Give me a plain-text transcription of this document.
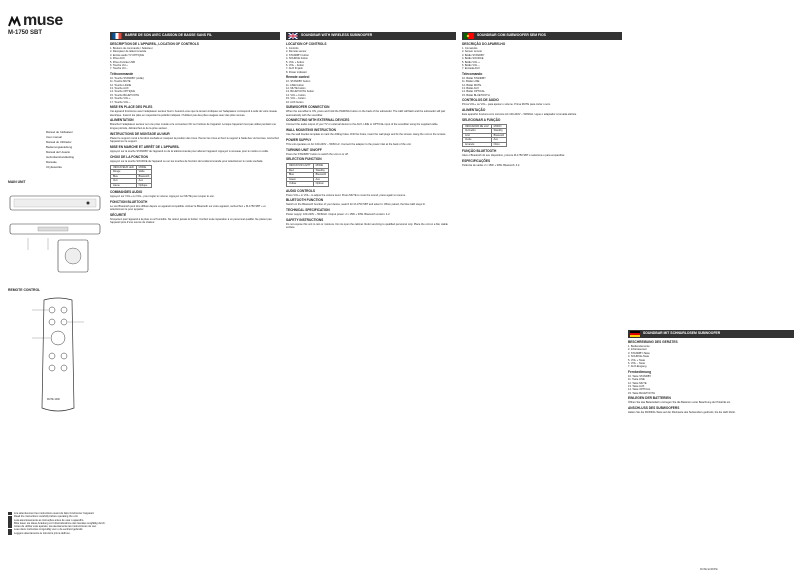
muse
M-1750 SBT
Manuel de l'utilisateur
User manual
Manual do Utilizador
Bedienungsanleitung
Manual del Usuario
Gebruikershandleiding
Manuale
Użytkownika
MAIN UNIT
REMOTE CONTROL
MUTE 1000
Lire attentivement les instructions avant de faire fonctionner l'appareil.
Read the instructions carefully before operating the unit.
Leia atenciosamente as instruções antes de usar o aparelho.
Bitte lesen sie diese Anleitung vor Inbetriebnahme des Gerätes sorgfältig durch.
Antes de utilizar este aparato, lea atentamente las instrucciones de uso.
Lees deze instructies zorgvuldig voor u de eenheid gebruikt.
Leggere attentamente le istruzioni prima dell'uso.
BARRE DE SON AVEC CAISSON DE BASSE SANS FIL
DESCRIPTION DE L'APPAREIL, LOCATION OF CONTROLS
1. Boutons de commande / Sélecteur
2. Récepteur de télécommande
3. Entrée audio TV OPTIQUE
4. Prise AUX
5. Prise d'entrée USB
6. Touche Vol +
7. Touche Vol –
Télécommande
10. Touche STANDBY (veille)
11. Touche MUTE
12. Touche LIGNE
13. Touche AUX
14. Touche OPTIQUE
15. Touche BLUETOOTH
16. Touche VOL +
17. Touche VOL –
MISE EN PLACE DES PILES

Cet appareil fonctionne avec l'adaptateur secteur fourni. Assurez-vous que la tension indiquée sur l'adaptateur correspond à celle de votre réseau électrique. Insérez les piles en respectant la polarité indiquée. N'utilisez pas des piles usagées avec des piles neuves.

ALIMENTATION

Branchez l'adaptateur secteur sur une prise murale et le connecteur DC sur l'arrière de l'appareil. Lorsque l'appareil n'est pas utilisé pendant une longue période, débranchez-le de la prise secteur.

INSTRUCTIONS DE MONTAGE AU MUR

Placez le support mural à l'endroit souhaité et marquez la position des trous. Percez les trous et fixez le support à l'aide des vis fournies. Accrochez l'appareil sur le support.

MISE EN MARCHE ET ARRÊT DE L'APPAREIL

Appuyez sur la touche STANDBY de l'appareil ou de la télécommande pour allumer l'appareil. Appuyez à nouveau pour le mettre en veille.

CHOIX DE LA FONCTION

Appuyez sur la touche SOURCE de l'appareil ou sur les touches de fonction de la télécommande pour sélectionner le mode souhaité.

INDICATEUR LED	MODE
Rouge	Veille
Bleu	Bluetooth
Vert	Aux
Jaune	Optique
COMMANDES AUDIO

Appuyez sur VOL+ ou VOL– pour régler le volume. Appuyez sur MUTE pour couper le son.

FONCTION BLUETOOTH

Le son Bluetooth peut être diffusé depuis un appareil compatible. Activez le Bluetooth sur votre appareil, recherchez « M-1750 SBT » et sélectionnez-le pour appairer.

SÉCURITÉ

N'exposez pas l'appareil à la pluie ou à l'humidité. Ne retirez jamais le boîtier. Confiez toute réparation à un personnel qualifié. Ne placez pas l'appareil près d'une source de chaleur.

SOUNDBAR WITH WIRELESS SUBWOOFER
LOCATION OF CONTROLS
1. Controls
2. Remote sensor
3. STANDBY button
4. SOURCE button
5. VOL + button
6. VOL – button
7. AUX IN jack
8. Power indicator
Remote control
10. STANDBY button
11. LINE button
12. MUTE button
13. BLUETOOTH button
14. VOL + button
15. VOL – button
16. AUX button
SUBWOOFER CONNECTION

When the soundbar is ON, press and hold the PAIRING button on the back of the subwoofer. The LED will flash and the subwoofer will pair automatically with the soundbar.

CONNECTING WITH EXTERNAL DEVICES

Connect the audio output of your TV or external device to the AUX, LINE or OPTICAL input of the soundbar using the supplied cable.

WALL MOUNTING INSTRUCTION

Use the wall bracket template to mark the drilling holes. Drill the holes, insert the wall plugs and fix the screws. Hang the unit on the screws.

POWER SUPPLY

This unit operates on AC 100-240V ~ 50/60 Hz. Connect the adapter to the power inlet at the back of the unit.

TURNING UNIT ON/OFF

Press the STANDBY button to switch the unit on or off.

SELECTION FUNCTION
INDICATOR LIGHT	MODE
Red	Standby
Blue	Bluetooth
Green	Aux
Yellow	Optical
AUDIO CONTROLS

Press VOL+ or VOL– to adjust the volume level. Press MUTE to mute the sound, press again to resume.

BLUETOOTH FUNCTION

Switch on the Bluetooth function of your device, search for M-1750 SBT and select it. When paired, the blue LED stays lit.

TECHNICAL SPECIFICATION

Power supply: 100-240V ~ 50/60Hz. Output power: 2 x 15W + 30W. Bluetooth version: 4.2.

SAFETY INSTRUCTIONS

Do not expose this unit to rain or moisture. Do not open the cabinet. Refer servicing to qualified personnel only. Place the unit on a flat, stable surface.

SOUNDBAR COM SUBWOOFER SEM FIOS
DESCRIÇÃO DO APARELHO
1. Comandos
2. Sensor remoto
3. Botão STANDBY
4. Botão SOURCE
5. Botão VOL +
6. Botão VOL –
7. Entrada AUX
Telecomando
10. Botão STANDBY
11. Botão LINE
12. Botão MUTE
13. Botão AUX
14. Botão OPTICAL
15. Botão BLUETOOTH
CONTROLOS DE ÁUDIO

Prima VOL+ ou VOL– para ajustar o volume. Prima MUTE para cortar o som.

ALIMENTAÇÃO

Este aparelho funciona com corrente AC 100-240V ~ 50/60Hz. Ligue o adaptador à tomada elétrica.

SELECIONAR A FUNÇÃO
INDICADOR DE LUZ	MODO
Vermelho	Standby
Azul	Bluetooth
Verde	Aux
Amarelo	Ótico
FUNÇÃO BLUETOOTH

Ative o Bluetooth do seu dispositivo, procure M-1750 SBT e selecione-o para emparelhar.

ESPECIFICAÇÕES

Potência de saída: 2 x 15W + 30W. Bluetooth: 4.2.

SOUNDBAR MIT SCHNURLOSEM SUBWOOFER
BESCHREIBUNG DES GERÄTES
1. Bedienelemente
2. Infrarotsensor
3. STANDBY-Taste
4. SOURCE-Taste
5. VOL + Taste
6. VOL – Taste
7. AUX-Eingang
Fernbedienung
10. Taste STANDBY
11. Taste LINE
12. Taste MUTE
13. Taste AUX
14. Taste OPTICAL
15. Taste BLUETOOTH
EINLEGEN DER BATTERIEN

Öffnen Sie das Batteriefach und legen Sie die Batterien unter Beachtung der Polarität ein.

ANSCHLUSS DES SUBWOOFERS

Halten Sie die PAIRING-Taste auf der Rückseite des Subwoofers gedrückt, bis die LED blinkt.

MUSE EUROPE
